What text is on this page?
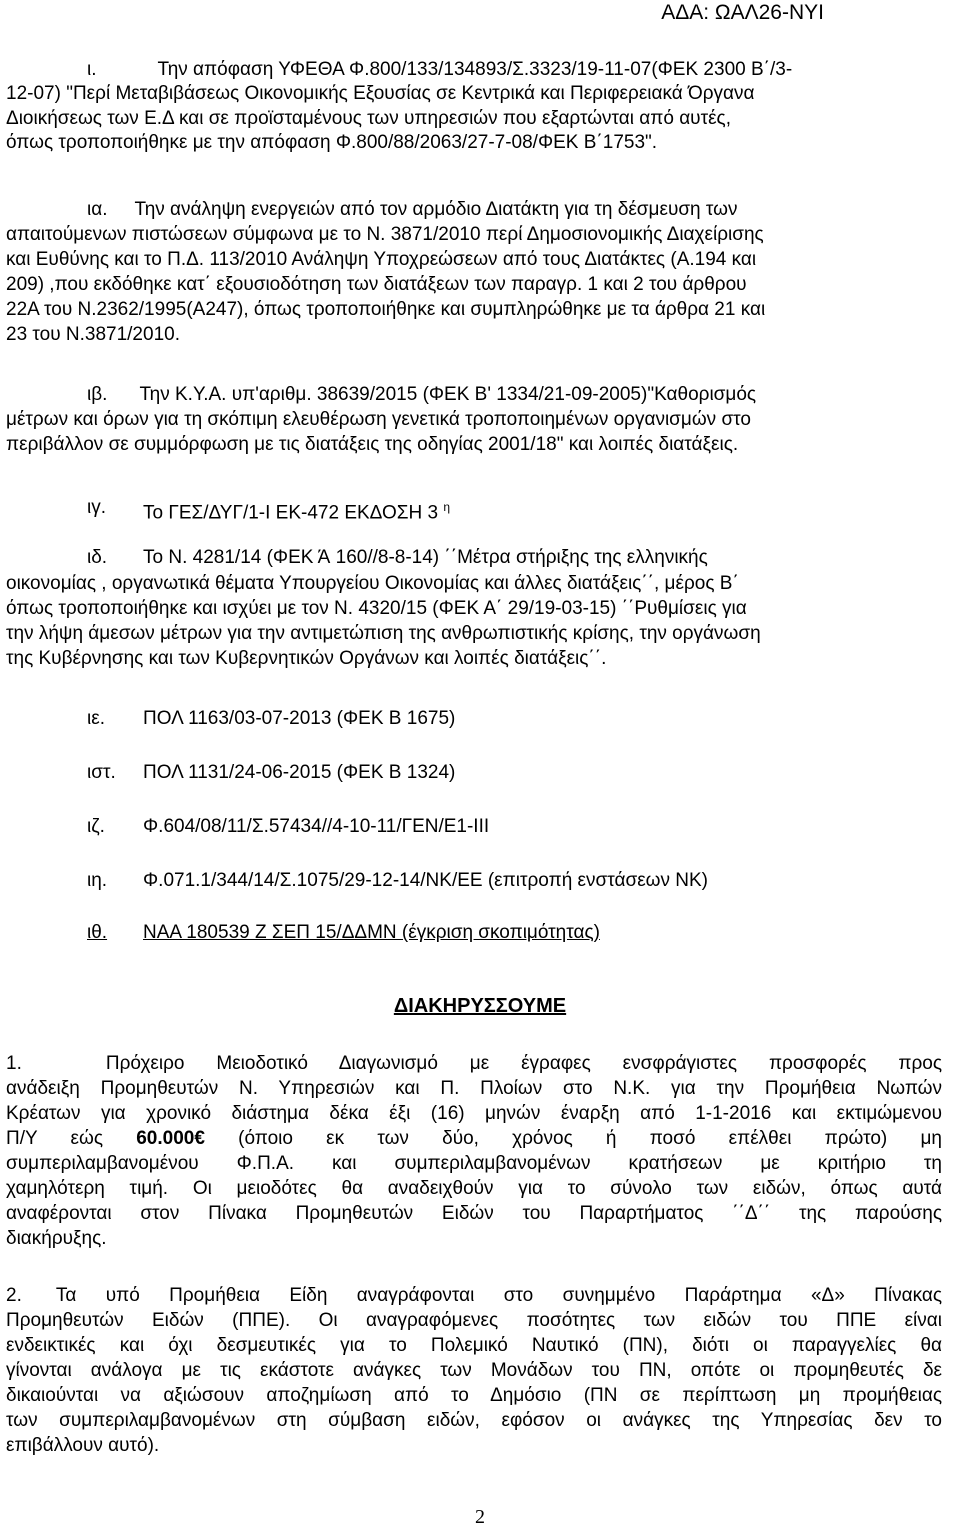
ΑΔΑ: ΩΑΛ26-ΝΥΙ
ι.	Την απόφαση ΥΦΕΘΑ Φ.800/133/134893/Σ.3323/19-11-07(ΦΕΚ 2300 Β΄/3-
12-07) "Περί Μεταβιβάσεως Οικονομικής Εξουσίας σε Κεντρικά και Περιφερειακά Όργανα
Διοικήσεως των Ε.Δ και σε προϊσταμένους των υπηρεσιών που εξαρτώνται από αυτές,
όπως τροποποιήθηκε με την απόφαση Φ.800/88/2063/27-7-08/ΦΕΚ Β΄1753".
ια. Την ανάληψη ενεργειών από τον αρμόδιο Διατάκτη για τη δέσμευση των
απαιτούμενων πιστώσεων σύμφωνα με το Ν. 3871/2010 περί Δημοσιονομικής Διαχείρισης
και Ευθύνης και το Π.Δ. 113/2010 Ανάληψη Υποχρεώσεων από τους Διατάκτες (Α.194 και
209) ,που εκδόθηκε κατ΄ εξουσιοδότηση των διατάξεων των παραγρ. 1 και 2 του άρθρου
22Α του Ν.2362/1995(Α247), όπως τροποποιήθηκε και συμπληρώθηκε με τα άρθρα 21 και
23 του Ν.3871/2010.
ιβ. Την Κ.Υ.Α. υπ'αριθμ. 38639/2015 (ΦΕΚ Β' 1334/21-09-2005)"Καθορισμός
μέτρων και όρων για τη σκόπιμη ελευθέρωση γενετικά τροποποιημένων οργανισμών στο
περιβάλλον σε συμμόρφωση με τις διατάξεις της οδηγίας 2001/18" και λοιπές διατάξεις.
ιγ. Το ΓΕΣ/ΔΥΓ/1-Ι ΕΚ-472 ΕΚΔΟΣΗ 3 $^\eta$
ιδ. Το Ν. 4281/14 (ΦΕΚ Ά 160//8-8-14) ΄΄Μέτρα στήριξης της ελληνικής
οικονομίας , οργανωτικά θέματα Υπουργείου Οικονομίας και άλλες διατάξεις΄΄, μέρος Β΄
όπως τροποποιήθηκε και ισχύει με τον Ν. 4320/15 (ΦΕΚ Α΄ 29/19-03-15) ΄΄Ρυθμίσεις για
την λήψη άμεσων μέτρων για την αντιμετώπιση της ανθρωπιστικής κρίσης, την οργάνωση
της Κυβέρνησης και των Κυβερνητικών Οργάνων και λοιπές διατάξεις΄΄.
ιε. ΠΟΛ 1163/03-07-2013 (ΦΕΚ Β 1675)
ιστ. ΠΟΛ 1131/24-06-2015 (ΦΕΚ Β 1324)
ιζ. Φ.604/08/11/Σ.57434//4-10-11/ΓΕΝ/Ε1-ΙΙΙ
ιη. Φ.071.1/344/14/Σ.1075/29-12-14/ΝΚ/ΕΕ (επιτροπή ενστάσεων ΝΚ)
ιθ. ΝΑΑ 180539 Ζ ΣΕΠ 15/ΔΔΜΝ (έγκριση σκοπιμότητας)
ΔΙΑΚΗΡΥΣΣΟΥΜΕ
1.	Πρόχειρο Μειοδοτικό Διαγωνισμό με έγραφες ενσφράγιστες προσφορές προς
ανάδειξη Προμηθευτών Ν. Υπηρεσιών και Π. Πλοίων στο Ν.Κ. για την Προμήθεια Νωπών
Κρέατων για χρονικό διάστημα δέκα έξι (16) μηνών έναρξη από 1-1-2016 και εκτιμώμενου
Π/Υ εώς 60.000€ (όποιο εκ των δύο, χρόνος ή ποσό επέλθει πρώτο) μη
συμπεριλαμβανομένου Φ.Π.Α. και συμπεριλαμβανομένων κρατήσεων με κριτήριο τη
χαμηλότερη τιμή. Οι μειοδότες θα αναδειχθούν για το σύνολο των ειδών, όπως αυτά
αναφέρονται στον Πίνακα Προμηθευτών Ειδών του Παραρτήματος ΄΄Δ΄΄ της παρούσης
διακήρυξης.
2. Τα υπό Προμήθεια Είδη αναγράφονται στο συνημμένο Παράρτημα «Δ» Πίνακας
Προμηθευτών Ειδών (ΠΠΕ). Οι αναγραφόμενες ποσότητες των ειδών του ΠΠΕ είναι
ενδεικτικές και όχι δεσμευτικές για το Πολεμικό Ναυτικό (ΠΝ), διότι οι παραγγελίες θα
γίνονται ανάλογα με τις εκάστοτε ανάγκες των Μονάδων του ΠΝ, οπότε οι προμηθευτές δε
δικαιούνται να αξιώσουν αποζημίωση από το Δημόσιο (ΠΝ σε περίπτωση μη προμήθειας
των συμπεριλαμβανομένων στη σύμβαση ειδών, εφόσον οι ανάγκες της Υπηρεσίας δεν το
επιβάλλουν αυτό).
2
